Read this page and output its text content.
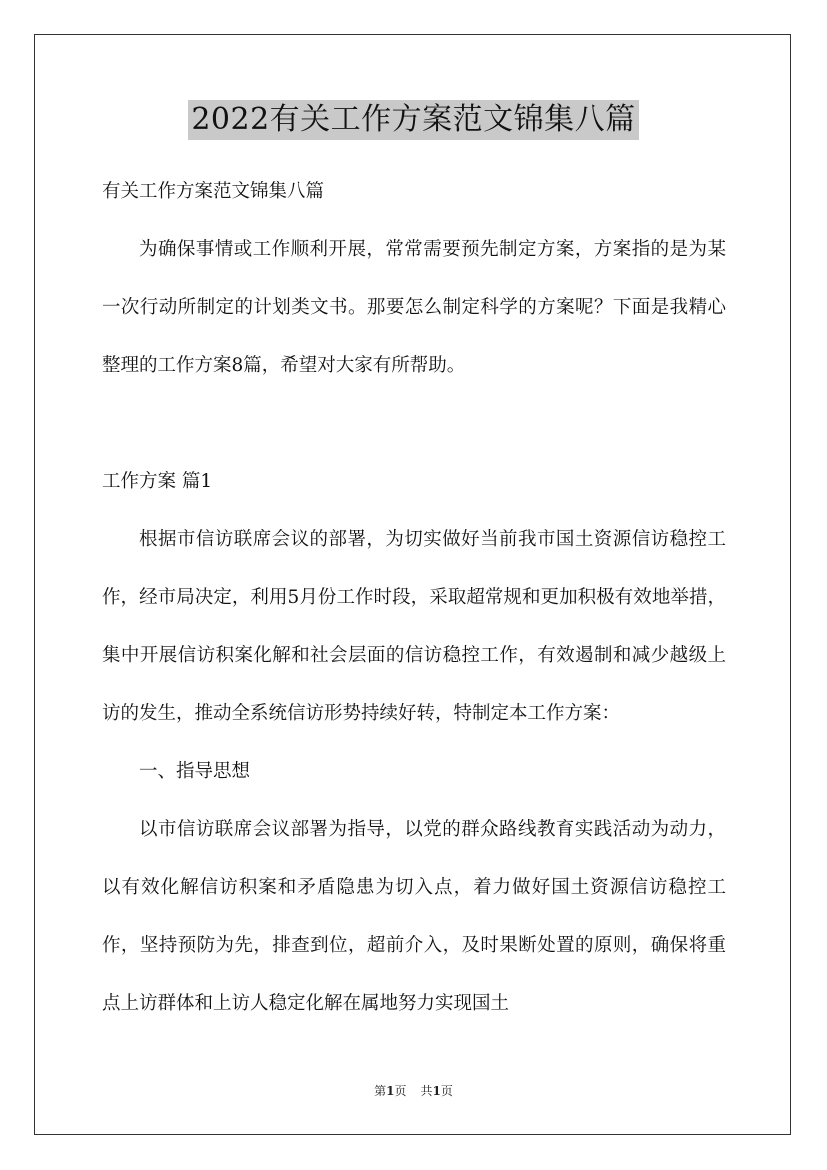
2022有关工作方案范文锦集八篇

有关工作方案范文锦集八篇

为确保事情或工作顺利开展，常常需要预先制定方案，方案指的是为某一次行动所制定的计划类文书。那要怎么制定科学的方案呢？下面是我精心整理的工作方案8篇，希望对大家有所帮助。

工作方案 篇1

根据市信访联席会议的部署，为切实做好当前我市国土资源信访稳控工作，经市局决定，利用5月份工作时段，采取超常规和更加积极有效地举措，集中开展信访积案化解和社会层面的信访稳控工作，有效遏制和减少越级上访的发生，推动全系统信访形势持续好转，特制定本工作方案：

一、指导思想

以市信访联席会议部署为指导，以党的群众路线教育实践活动为动力，以有效化解信访积案和矛盾隐患为切入点，着力做好国土资源信访稳控工作，坚持预防为先，排查到位，超前介入，及时果断处置的原则，确保将重点上访群体和上访人稳定化解在属地努力实现国土

第1页 共1页
